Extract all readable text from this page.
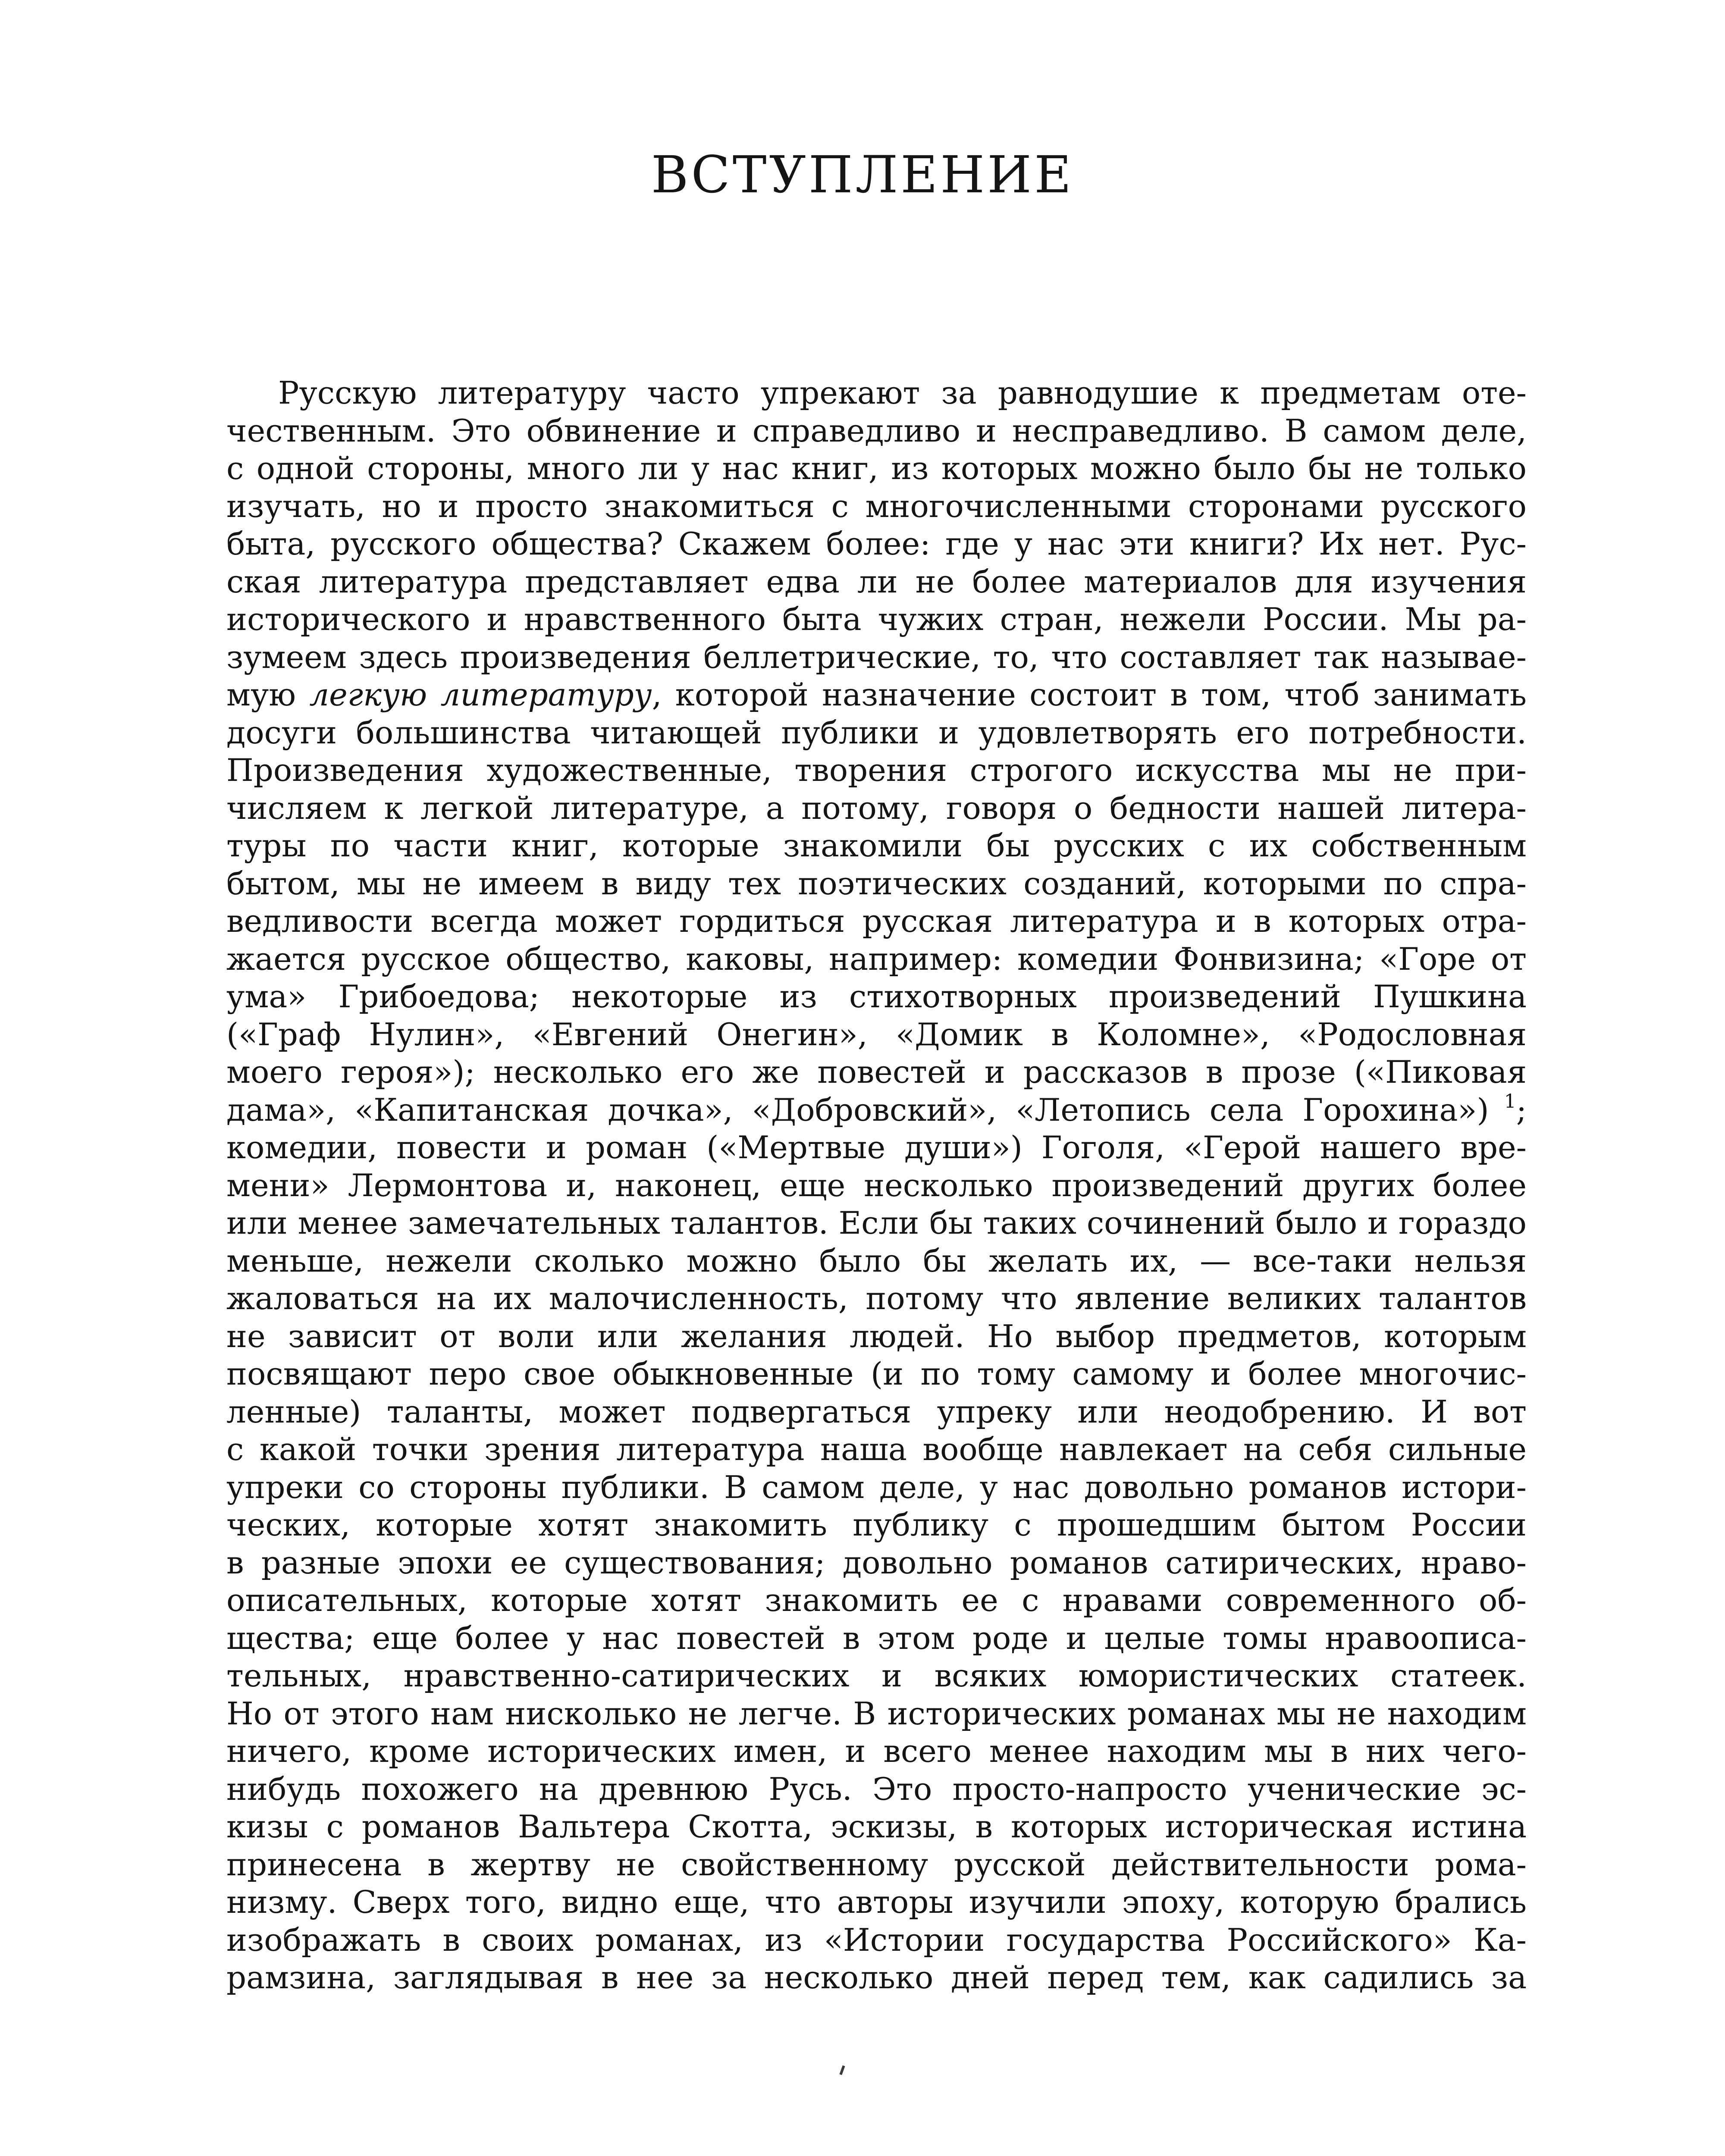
ВСТУПЛЕНИЕ
Русскую литературу часто упрекают за равнодушие к предметам оте-
чественным. Это обвинение и справедливо и несправедливо. В самом деле,
с одной стороны, много ли у нас книг, из которых можно было бы не только
изучать, но и просто знакомиться с многочисленными сторонами русского
быта, русского общества? Скажем более: где у нас эти книги? Их нет. Рус-
ская литература представляет едва ли не более материалов для изучения
исторического и нравственного быта чужих стран, нежели России. Мы ра-
зумеем здесь произведения беллетрические, то, что составляет так называе-
мую легкую литературу, которой назначение состоит в том, чтоб занимать
досуги большинства читающей публики и удовлетворять его потребности.
Произведения художественные, творения строгого искусства мы не при-
числяем к легкой литературе, а потому, говоря о бедности нашей литера-
туры по части книг, которые знакомили бы русских с их собственным
бытом, мы не имеем в виду тех поэтических созданий, которыми по спра-
ведливости всегда может гордиться русская литература и в которых отра-
жается русское общество, каковы, например: комедии Фонвизина; «Горе от
ума» Грибоедова; некоторые из стихотворных произведений Пушкина
(«Граф Нулин», «Евгений Онегин», «Домик в Коломне», «Родословная
моего героя»); несколько его же повестей и рассказов в прозе («Пиковая
дама», «Капитанская дочка», «Добровский», «Летопись села Горохина») $^1$;
комедии, повести и роман («Мертвые души») Гоголя, «Герой нашего вре-
мени» Лермонтова и, наконец, еще несколько произведений других более
или менее замечательных талантов. Если бы таких сочинений было и гораздо
меньше, нежели сколько можно было бы желать их, — все-таки нельзя
жаловаться на их малочисленность, потому что явление великих талантов
не зависит от воли или желания людей. Но выбор предметов, которым
посвящают перо свое обыкновенные (и по тому самому и более многочис-
ленные) таланты, может подвергаться упреку или неодобрению. И вот
с какой точки зрения литература наша вообще навлекает на себя сильные
упреки со стороны публики. В самом деле, у нас довольно романов истори-
ческих, которые хотят знакомить публику с прошедшим бытом России
в разные эпохи ее существования; довольно романов сатирических, нраво-
описательных, которые хотят знакомить ее с нравами современного об-
щества; еще более у нас повестей в этом роде и целые томы нравоописа-
тельных, нравственно-сатирических и всяких юмористических статеек.
Но от этого нам нисколько не легче. В исторических романах мы не находим
ничего, кроме исторических имен, и всего менее находим мы в них чего-
нибудь похожего на древнюю Русь. Это просто-напросто ученические эс-
кизы с романов Вальтера Скотта, эскизы, в которых историческая истина
принесена в жертву не свойственному русской действительности рома-
низму. Сверх того, видно еще, что авторы изучили эпоху, которую брались
изображать в своих романах, из «Истории государства Российского» Ка-
рамзина, заглядывая в нее за несколько дней перед тем, как садились за
